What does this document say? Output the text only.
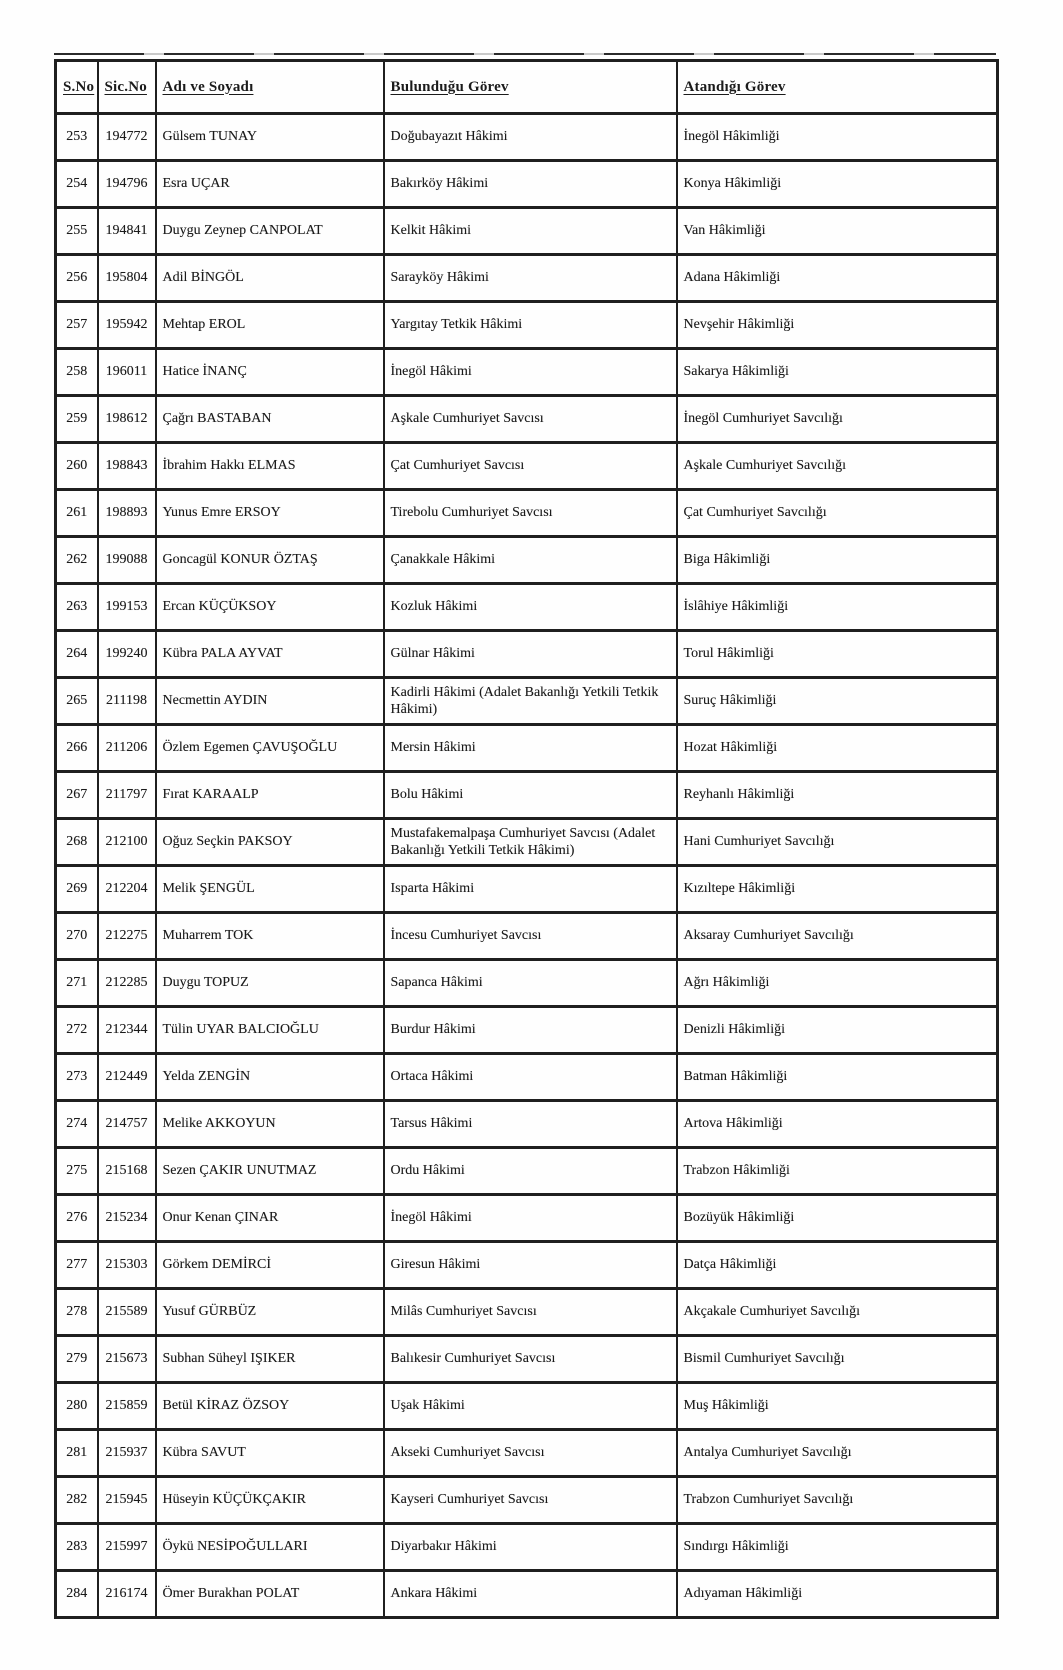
S.No	Sic.No	Adı ve Soyadı	Bulunduğu Görev	Atandığı Görev
253	194772	Gülsem TUNAY	Doğubayazıt Hâkimi	İnegöl Hâkimliği
254	194796	Esra UÇAR	Bakırköy Hâkimi	Konya Hâkimliği
255	194841	Duygu Zeynep CANPOLAT	Kelkit Hâkimi	Van Hâkimliği
256	195804	Adil BİNGÖL	Sarayköy Hâkimi	Adana Hâkimliği
257	195942	Mehtap EROL	Yargıtay Tetkik Hâkimi	Nevşehir Hâkimliği
258	196011	Hatice İNANÇ	İnegöl Hâkimi	Sakarya Hâkimliği
259	198612	Çağrı BASTABAN	Aşkale Cumhuriyet Savcısı	İnegöl Cumhuriyet Savcılığı
260	198843	İbrahim Hakkı ELMAS	Çat Cumhuriyet Savcısı	Aşkale Cumhuriyet Savcılığı
261	198893	Yunus Emre ERSOY	Tirebolu Cumhuriyet Savcısı	Çat Cumhuriyet Savcılığı
262	199088	Goncagül KONUR ÖZTAŞ	Çanakkale Hâkimi	Biga Hâkimliği
263	199153	Ercan KÜÇÜKSOY	Kozluk Hâkimi	İslâhiye Hâkimliği
264	199240	Kübra PALA AYVAT	Gülnar Hâkimi	Torul Hâkimliği
265	211198	Necmettin AYDIN	Kadirli Hâkimi (Adalet Bakanlığı Yetkili Tetkik Hâkimi)	Suruç Hâkimliği
266	211206	Özlem Egemen ÇAVUŞOĞLU	Mersin Hâkimi	Hozat Hâkimliği
267	211797	Fırat KARAALP	Bolu Hâkimi	Reyhanlı Hâkimliği
268	212100	Oğuz Seçkin PAKSOY	Mustafakemalpaşa Cumhuriyet Savcısı (Adalet Bakanlığı Yetkili Tetkik Hâkimi)	Hani Cumhuriyet Savcılığı
269	212204	Melik ŞENGÜL	Isparta Hâkimi	Kızıltepe Hâkimliği
270	212275	Muharrem TOK	İncesu Cumhuriyet Savcısı	Aksaray Cumhuriyet Savcılığı
271	212285	Duygu TOPUZ	Sapanca Hâkimi	Ağrı Hâkimliği
272	212344	Tülin UYAR BALCIOĞLU	Burdur Hâkimi	Denizli Hâkimliği
273	212449	Yelda ZENGİN	Ortaca Hâkimi	Batman Hâkimliği
274	214757	Melike AKKOYUN	Tarsus Hâkimi	Artova Hâkimliği
275	215168	Sezen ÇAKIR UNUTMAZ	Ordu Hâkimi	Trabzon Hâkimliği
276	215234	Onur Kenan ÇINAR	İnegöl Hâkimi	Bozüyük Hâkimliği
277	215303	Görkem DEMİRCİ	Giresun Hâkimi	Datça Hâkimliği
278	215589	Yusuf GÜRBÜZ	Milâs Cumhuriyet Savcısı	Akçakale Cumhuriyet Savcılığı
279	215673	Subhan Süheyl IŞIKER	Balıkesir Cumhuriyet Savcısı	Bismil Cumhuriyet Savcılığı
280	215859	Betül KİRAZ ÖZSOY	Uşak Hâkimi	Muş Hâkimliği
281	215937	Kübra SAVUT	Akseki Cumhuriyet Savcısı	Antalya Cumhuriyet Savcılığı
282	215945	Hüseyin KÜÇÜKÇAKIR	Kayseri Cumhuriyet Savcısı	Trabzon Cumhuriyet Savcılığı
283	215997	Öykü NESİPOĞULLARI	Diyarbakır Hâkimi	Sındırgı Hâkimliği
284	216174	Ömer Burakhan POLAT	Ankara Hâkimi	Adıyaman Hâkimliği
